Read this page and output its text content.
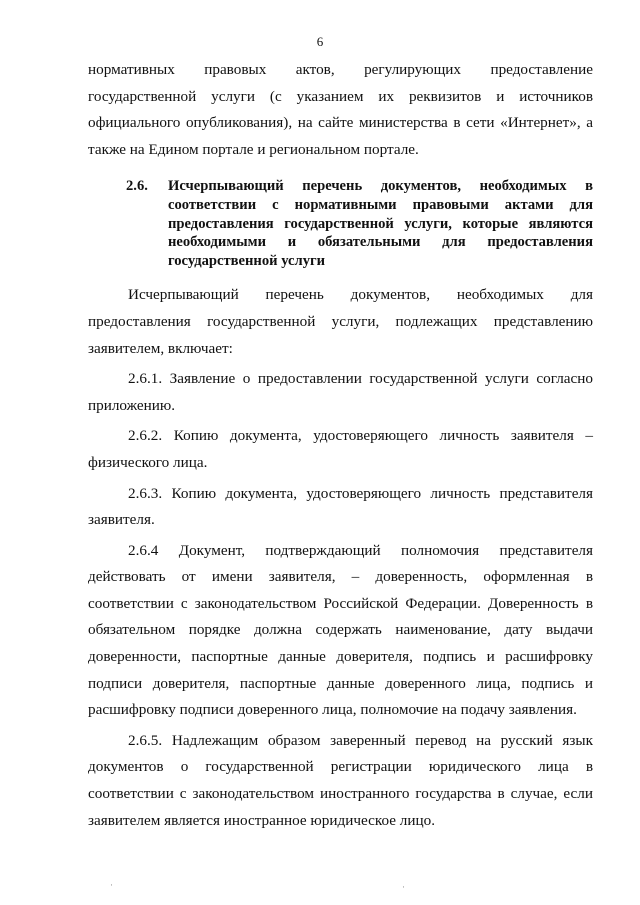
6

нормативных правовых актов, регулирующих предоставление государственной услуги (с указанием их реквизитов и источников официального опубликования), на сайте министерства в сети «Интернет», а также на Едином портале и региональном портале.

2.6.	Исчерпывающий перечень документов, необходимых в соответствии с нормативными правовыми актами для предоставления государственной услуги, которые являются необходимыми и обязательными для предоставления государственной услуги

Исчерпывающий перечень документов, необходимых для предоставления государственной услуги, подлежащих представлению заявителем, включает:

2.6.1. Заявление о предоставлении государственной услуги согласно приложению.

2.6.2. Копию документа, удостоверяющего личность заявителя – физического лица.

2.6.3. Копию документа, удостоверяющего личность представителя заявителя.

2.6.4 Документ, подтверждающий полномочия представителя действовать от имени заявителя, – доверенность, оформленная в соответствии с законодательством Российской Федерации. Доверенность в обязательном порядке должна содержать наименование, дату выдачи доверенности, паспортные данные доверителя, подпись и расшифровку подписи доверителя, паспортные данные доверенного лица, подпись и расшифровку подписи доверенного лица, полномочие на подачу заявления.

2.6.5. Надлежащим образом заверенный перевод на русский язык документов о государственной регистрации юридического лица в соответствии с законодательством иностранного государства в случае, если заявителем является иностранное юридическое лицо.

·	·
